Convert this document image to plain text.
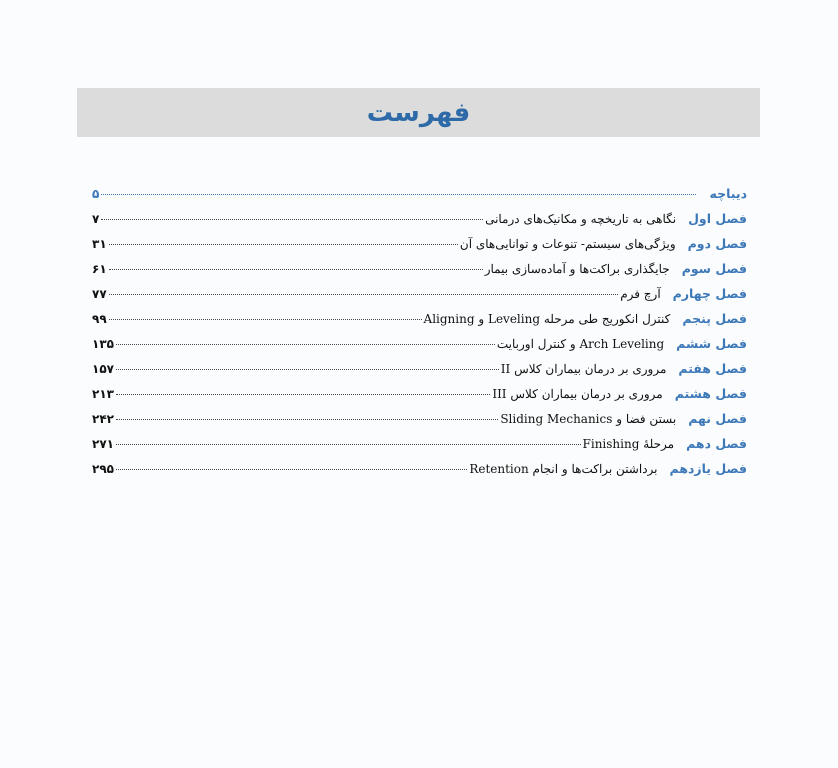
فهرست
دیباچه
۵
فصل اول
نگاهی به تاریخچه و مکانیک‌های درمانی
۷
فصل دوم
ویژگی‌های سیستم- تنوعات و توانایی‌های آن
۳۱
فصل سوم
جایگذاری براکت‌ها و آماده‌سازی بیمار
۶۱
فصل چهارم
آرچ فرم
۷۷
فصل پنجم
کنترل انکوریج طی مرحله Leveling و Aligning
۹۹
فصل ششم
Arch Leveling و کنترل اوربایت
۱۳۵
فصل هفتم
مروری بر درمان بیماران کلاس II
۱۵۷
فصل هشتم
مروری بر درمان بیماران کلاس III
۲۱۳
فصل نهم
بستن فضا و Sliding Mechanics
۲۴۲
فصل دهم
مرحلهٔ Finishing
۲۷۱
فصل یازدهم
برداشتن براکت‌ها و انجام Retention
۲۹۵
